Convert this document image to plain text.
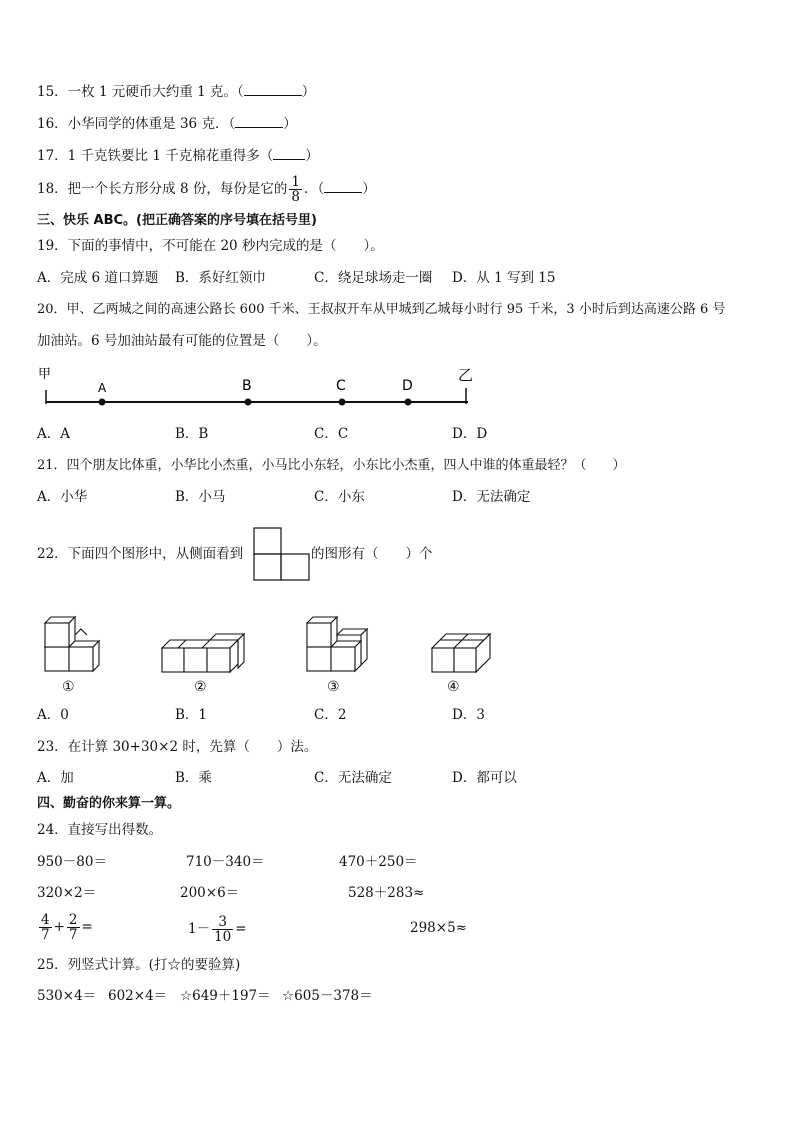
15．一枚 1 元硬币大约重 1 克。（	）
16．小华同学的体重是 36 克．（	）
17．1 千克铁要比 1 千克棉花重得多（ ）
18．把一个长方形分成 8 份，每份是它的 $\frac{1}{8}$ ．（	）
三、快乐 ABC。(把正确答案的序号填在括号里)
19．下面的事情中，不可能在 20 秒内完成的是（　　）。
A．完成 6 道口算题 B．系好红领巾	C．绕足球场走一圈 D．从 1 写到 15
20．甲、乙两城之间的高速公路长 600 千米、王叔叔开车从甲城到乙城每小时行 95 千米，3 小时后到达高速公路 6 号
加油站。6 号加油站最有可能的位置是（　　）。
甲	乙
A	B	C	D
A．A	B．B	C．C	D．D
21．四个朋友比体重，小华比小杰重，小马比小东轻，小东比小杰重，四人中谁的体重最轻？（　　）
A．小华	B．小马	C．小东	D．无法确定
22．下面四个图形中，从侧面看到	的图形有（　　）个
①	②	③	④
A．0	B．1	C．2	D．3
23．在计算 30+30×2 时，先算（　　）法。
A．加	B．乘	C．无法确定	D．都可以
四、勤奋的你来算一算。
24．直接写出得数。
950－80＝	710－340＝	470＋250＝
320×2＝	200×6＝	528＋283≈
$\frac{4}{7} + \frac{2}{7}$ =	$1- \frac{3}{10}$ =	298×5≈
25．列竖式计算。(打☆的要验算)
530×4＝ 602×4＝ ☆649＋197＝ ☆605－378＝
